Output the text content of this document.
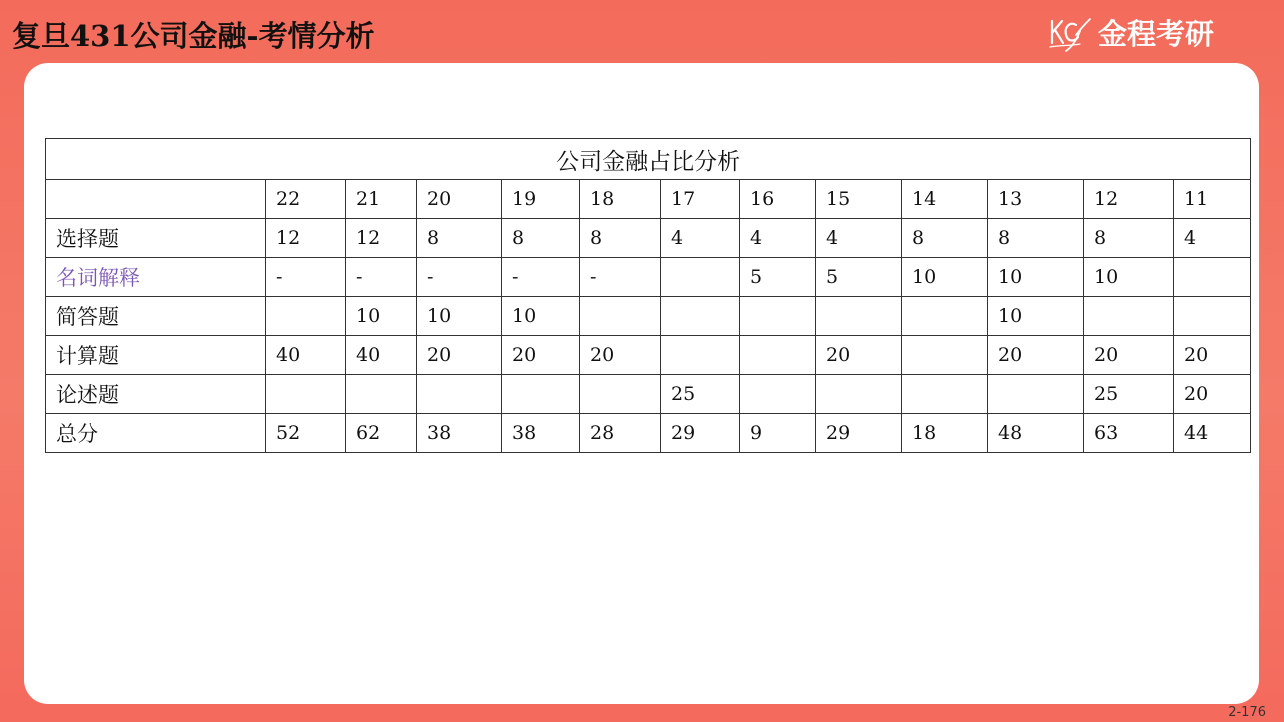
复旦431公司金融-考情分析	金程考研
公司金融占比分析												
	22	21	20	19	18	17	16	15	14	13	12	11
选择题	12	12	8	8	8	4	4	4	8	8	8	4
名词解释	-	-	-	-	-		5	5	10	10	10	
简答题		10	10	10						10		
计算题	40	40	20	20	20			20		20	20	20
论述题						25					25	20
总分	52	62	38	38	28	29	9	29	18	48	63	44
2-176
